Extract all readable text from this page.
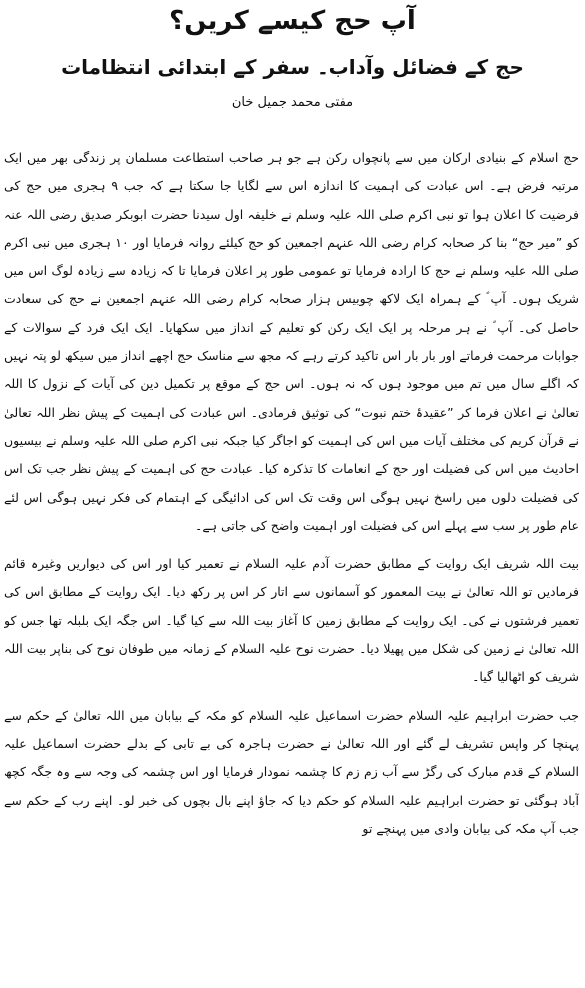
آپ حج کیسے کریں؟
حج کے فضائل وآداب۔ سفر کے ابتدائی انتظامات
مفتی محمد جمیل خان

حج اسلام کے بنیادی ارکان میں سے پانچواں رکن ہے جو ہر صاحب استطاعت مسلمان پر زندگی بھر میں ایک مرتبہ فرض ہے۔ اس عبادت کی اہمیت کا اندازہ اس سے لگایا جا سکتا ہے کہ جب ۹ ہجری میں حج کی فرضیت کا اعلان ہوا تو نبی اکرم صلی اللہ علیہ وسلم نے خلیفہ اول سیدنا حضرت ابوبکر صدیق رضی اللہ عنہ کو ”میر حج“ بنا کر صحابہ کرام رضی اللہ عنہم اجمعین کو حج کیلئے روانہ فرمایا اور ۱۰ ہجری میں نبی اکرم صلی اللہ علیہ وسلم نے حج کا ارادہ فرمایا تو عمومی طور پر اعلان فرمایا تا کہ زیادہ سے زیادہ لوگ اس میں شریک ہوں۔ آپ ؐ کے ہمراہ ایک لاکھ چوبیس ہزار صحابہ کرام رضی اللہ عنہم اجمعین نے حج کی سعادت حاصل کی۔ آپ ؐ نے ہر مرحلہ پر ایک ایک رکن کو تعلیم کے انداز میں سکھایا۔ ایک ایک فرد کے سوالات کے جوابات مرحمت فرماتے اور بار بار اس تاکید کرتے رہے کہ مجھ سے مناسک حج اچھے انداز میں سیکھ لو پتہ نہیں کہ اگلے سال میں تم میں موجود ہوں کہ نہ ہوں۔ اس حج کے موقع پر تکمیل دین کی آیات کے نزول کا اللہ تعالیٰ نے اعلان فرما کر ”عقیدۂ ختم نبوت“ کی توثیق فرمادی۔ اس عبادت کی اہمیت کے پیش نظر اللہ تعالیٰ نے قرآن کریم کی مختلف آیات میں اس کی اہمیت کو اجاگر کیا جبکہ نبی اکرم صلی اللہ علیہ وسلم نے بیسیوں احادیث میں اس کی فضیلت اور حج کے انعامات کا تذکرہ کیا۔ عبادت حج کی اہمیت کے پیش نظر جب تک اس کی فضیلت دلوں میں راسخ نہیں ہوگی اس وقت تک اس کی ادائیگی کے اہتمام کی فکر نہیں ہوگی اس لئے عام طور پر سب سے پہلے اس کی فضیلت اور اہمیت واضح کی جاتی ہے۔

بیت اللہ شریف ایک روایت کے مطابق حضرت آدم علیہ السلام نے تعمیر کیا اور اس کی دیواریں وغیرہ قائم فرمادیں تو اللہ تعالیٰ نے بیت المعمور کو آسمانوں سے اتار کر اس پر رکھ دیا۔ ایک روایت کے مطابق اس کی تعمیر فرشتوں نے کی۔ ایک روایت کے مطابق زمین کا آغاز بیت اللہ سے کیا گیا۔ اس جگہ ایک بلبلہ تھا جس کو اللہ تعالیٰ نے زمین کی شکل میں پھیلا دیا۔ حضرت نوح علیہ السلام کے زمانہ میں طوفان نوح کی بناپر بیت اللہ شریف کو اٹھالیا گیا۔

جب حضرت ابراہیم علیہ السلام حضرت اسماعیل علیہ السلام کو مکہ کے بیابان میں اللہ تعالیٰ کے حکم سے پہنچا کر واپس تشریف لے گئے اور اللہ تعالیٰ نے حضرت ہاجرہ کی بے تابی کے بدلے حضرت اسماعیل علیہ السلام کے قدم مبارک کی رگڑ سے آب زم زم کا چشمہ نمودار فرمایا اور اس چشمہ کی وجہ سے وہ جگہ کچھ آباد ہوگئی تو حضرت ابراہیم علیہ السلام کو حکم دیا کہ جاؤ اپنے بال بچوں کی خبر لو۔ اپنے رب کے حکم سے جب آپ مکہ کی بیابان وادی میں پہنچے تو
